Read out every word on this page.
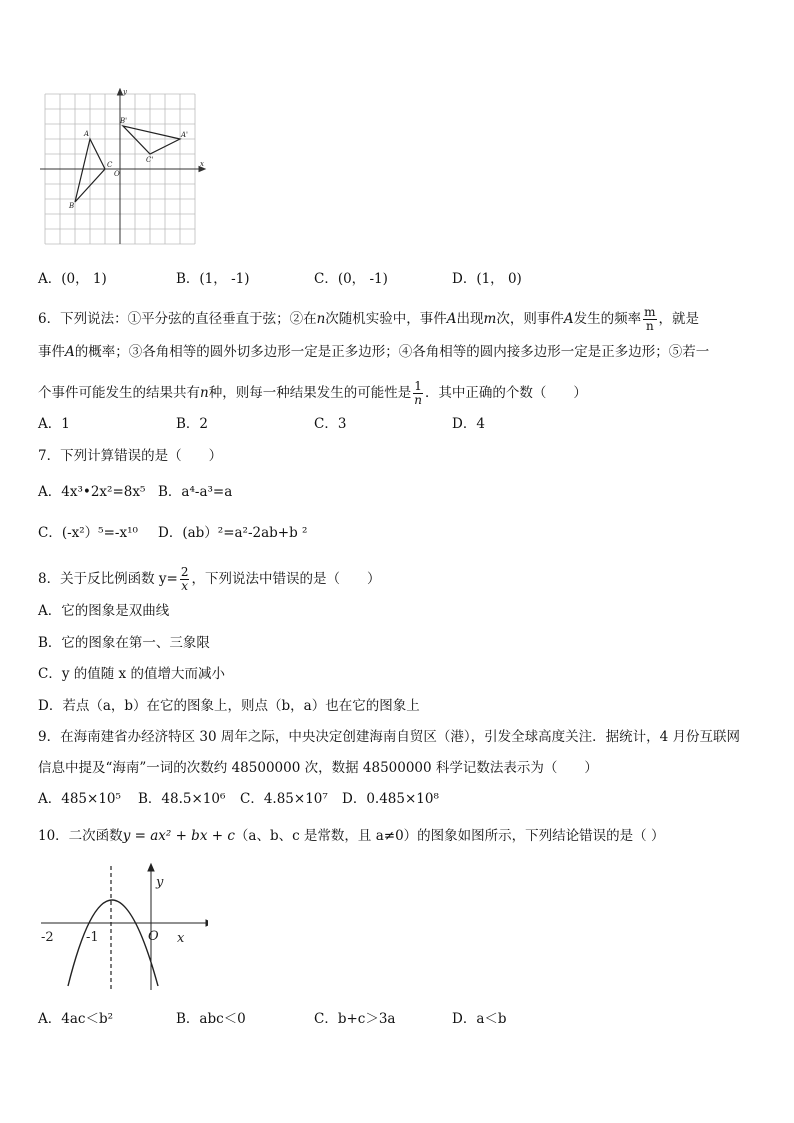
A
B
C
B'
A'
C'
O
x
y
A．(0， 1)	B．(1， -1)	C．(0， -1)	D．(1， 0)
6．下列说法：①平分弦的直径垂直于弦；②在n次随机实验中，事件A出现m次，则事件A发生的频率 $\frac{m}{n}$ ，就是
事件A的概率；③各角相等的圆外切多边形一定是正多边形；④各角相等的圆内接多边形一定是正多边形；⑤若一
个事件可能发生的结果共有n种，则每一种结果发生的可能性是 $\frac{1}{n}$ ．其中正确的个数（　　）
A．1	B．2	C．3	D．4
7．下列计算错误的是（　　）
A．4x³•2x²=8x⁵ B．a⁴-a³=a
C．(-x²）⁵=-x¹⁰ D．(ab）²=a²-2ab+b ²
8．关于反比例函数 $y= \frac{2}{x}$ ，下列说法中错误的是（　　）
A．它的图象是双曲线
B．它的图象在第一、三象限
C．y 的值随 x 的值增大而减小
D．若点（a，b）在它的图象上，则点（b，a）也在它的图象上
9．在海南建省办经济特区 30 周年之际，中央决定创建海南自贸区（港），引发全球高度关注．据统计，4 月份互联网
信息中提及“海南”一词的次数约 48500000 次，数据 48500000 科学记数法表示为（　　）
A．485×10⁵ B．48.5×10⁶ C．4.85×10⁷ D．0.485×10⁸
10．二次函数y = ax² + bx + c（a、b、c 是常数，且 a≠0）的图象如图所示，下列结论错误的是（ ）
-2 -1	O x
y
A．4ac＜b²	B．abc＜0	C．b+c＞3a	D．a＜b
